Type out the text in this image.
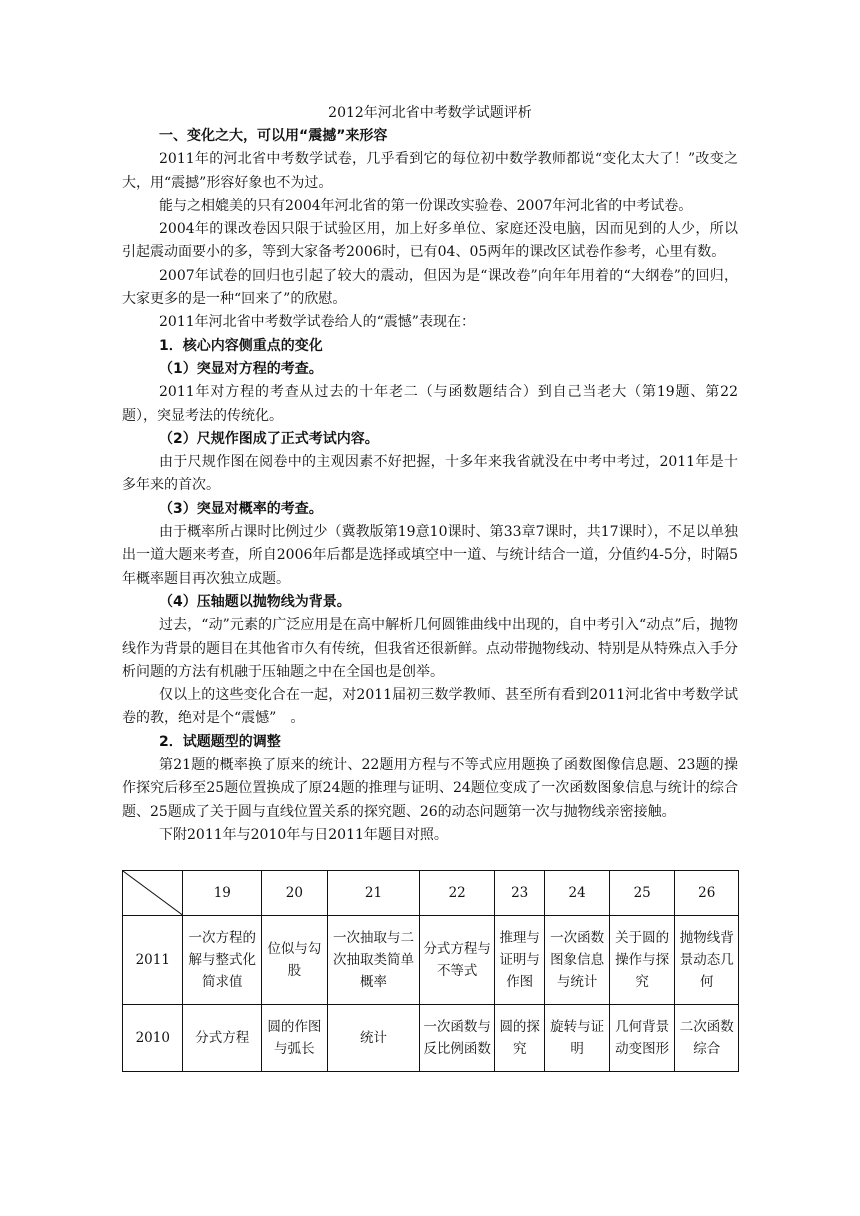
2012年河北省中考数学试题评析

一、变化之大，可以用“震撼”来形容

2011年的河北省中考数学试卷，几乎看到它的每位初中数学教师都说“变化太大了！”改变之大，用“震撼”形容好象也不为过。

能与之相媲美的只有2004年河北省的第一份课改实验卷、2007年河北省的中考试卷。

2004年的课改卷因只限于试验区用，加上好多单位、家庭还没电脑，因而见到的人少，所以引起震动面要小的多，等到大家备考2006时，已有04、05两年的课改区试卷作参考，心里有数。

2007年试卷的回归也引起了较大的震动，但因为是“课改卷”向年年用着的“大纲卷”的回归，大家更多的是一种“回来了”的欣慰。

2011年河北省中考数学试卷给人的“震憾”表现在：

1．核心内容侧重点的变化

（1）突显对方程的考查。

2011年对方程的考查从过去的十年老二（与函数题结合）到自己当老大（第19题、第22题），突显考法的传统化。

（2）尺规作图成了正式考试内容。

由于尺规作图在阅卷中的主观因素不好把握，十多年来我省就没在中考中考过，2011年是十多年来的首次。

（3）突显对概率的考查。

由于概率所占课时比例过少（冀教版第19意10课时、第33章7课时，共17课时），不足以单独出一道大题来考查，所自2006年后都是选择或填空中一道、与统计结合一道，分值约4-5分，时隔5年概率题目再次独立成题。

（4）压轴题以抛物线为背景。

过去，“动”元素的广泛应用是在高中解析几何圆锥曲线中出现的，自中考引入“动点”后，抛物线作为背景的题目在其他省市久有传统，但我省还很新鲜。点动带抛物线动、特别是从特殊点入手分析问题的方法有机融于压轴题之中在全国也是创举。

仅以上的这些变化合在一起，对2011届初三数学教师、甚至所有看到2011河北省中考数学试卷的教，绝对是个“震憾”　。

2．试题题型的调整

第21题的概率换了原来的统计、22题用方程与不等式应用题换了函数图像信息题、23题的操作探究后移至25题位置换成了原24题的推理与证明、24题位变成了一次函数图象信息与统计的综合题、25题成了关于圆与直线位置关系的探究题、26的动态问题第一次与抛物线亲密接触。

下附2011年与2010年与日2011年题目对照。

	19	20	21	22	23	24	25	26
2011	一次方程的解与整式化简求值	位似与勾股	一次抽取与二次抽取类简单概率	分式方程与不等式	推理与证明与作图	一次函数图象信息与统计	关于圆的操作与探究	抛物线背景动态几何
2010	分式方程	圆的作图与弧长	统计	一次函数与反比例函数	圆的探究	旋转与证明	几何背景动变图形	二次函数综合
